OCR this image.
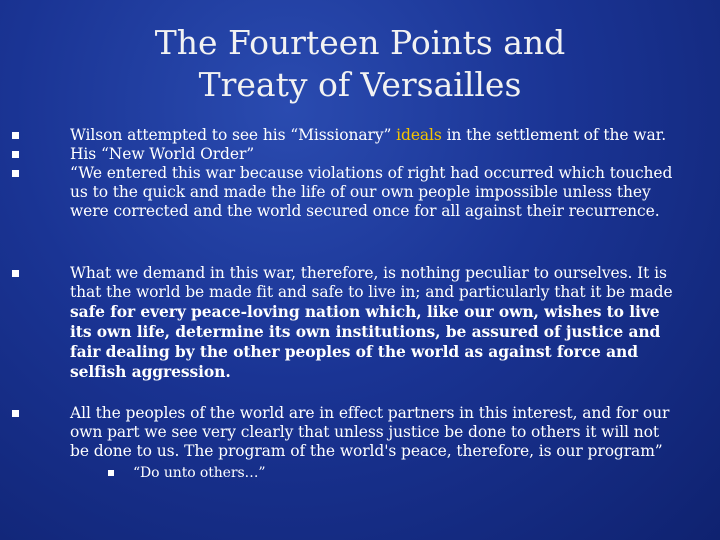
The Fourteen Points and
Treaty of Versailles
Wilson attempted to see his “Missionary” ideals in the settlement of the war.
His “New World Order”
“We entered this war because violations of right had occurred which touched us to the quick and made the life of our own people impossible unless they were corrected and the world secured once for all against their recurrence.
What we demand in this war, therefore, is nothing peculiar to ourselves. It is that the world be made fit and safe to live in; and particularly that it be made safe for every peace-loving nation which, like our own, wishes to live its own life, determine its own institutions, be assured of justice and fair dealing by the other peoples of the world as against force and selfish aggression.
All the peoples of the world are in effect partners in this interest, and for our own part we see very clearly that unless justice be done to others it will not be done to us. The program of the world's peace, therefore, is our program”
“Do unto others…”
